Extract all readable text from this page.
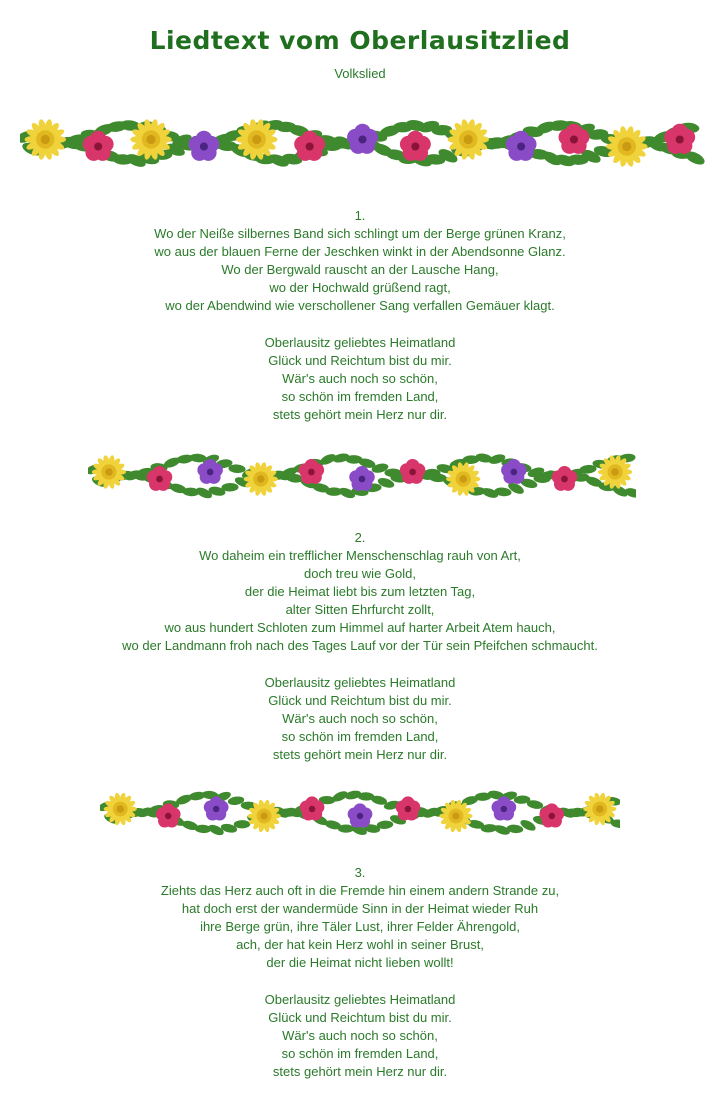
Liedtext vom Oberlausitzlied
Volkslied
1.
Wo der Neiße silbernes Band sich schlingt um der Berge grünen Kranz,
wo aus der blauen Ferne der Jeschken winkt in der Abendsonne Glanz.
Wo der Bergwald rauscht an der Lausche Hang,
wo der Hochwald grüßend ragt,
wo der Abendwind wie verschollener Sang verfallen Gemäuer klagt.
Oberlausitz geliebtes Heimatland
Glück und Reichtum bist du mir.
Wär's auch noch so schön,
so schön im fremden Land,
stets gehört mein Herz nur dir.
2.
Wo daheim ein trefflicher Menschenschlag rauh von Art,
doch treu wie Gold,
der die Heimat liebt bis zum letzten Tag,
alter Sitten Ehrfurcht zollt,
wo aus hundert Schloten zum Himmel auf harter Arbeit Atem hauch,
wo der Landmann froh nach des Tages Lauf vor der Tür sein Pfeifchen schmaucht.
Oberlausitz geliebtes Heimatland
Glück und Reichtum bist du mir.
Wär's auch noch so schön,
so schön im fremden Land,
stets gehört mein Herz nur dir.
3.
Ziehts das Herz auch oft in die Fremde hin einem andern Strande zu,
hat doch erst der wandermüde Sinn in der Heimat wieder Ruh
ihre Berge grün, ihre Täler Lust, ihrer Felder Ährengold,
ach, der hat kein Herz wohl in seiner Brust,
der die Heimat nicht lieben wollt!
Oberlausitz geliebtes Heimatland
Glück und Reichtum bist du mir.
Wär's auch noch so schön,
so schön im fremden Land,
stets gehört mein Herz nur dir.
